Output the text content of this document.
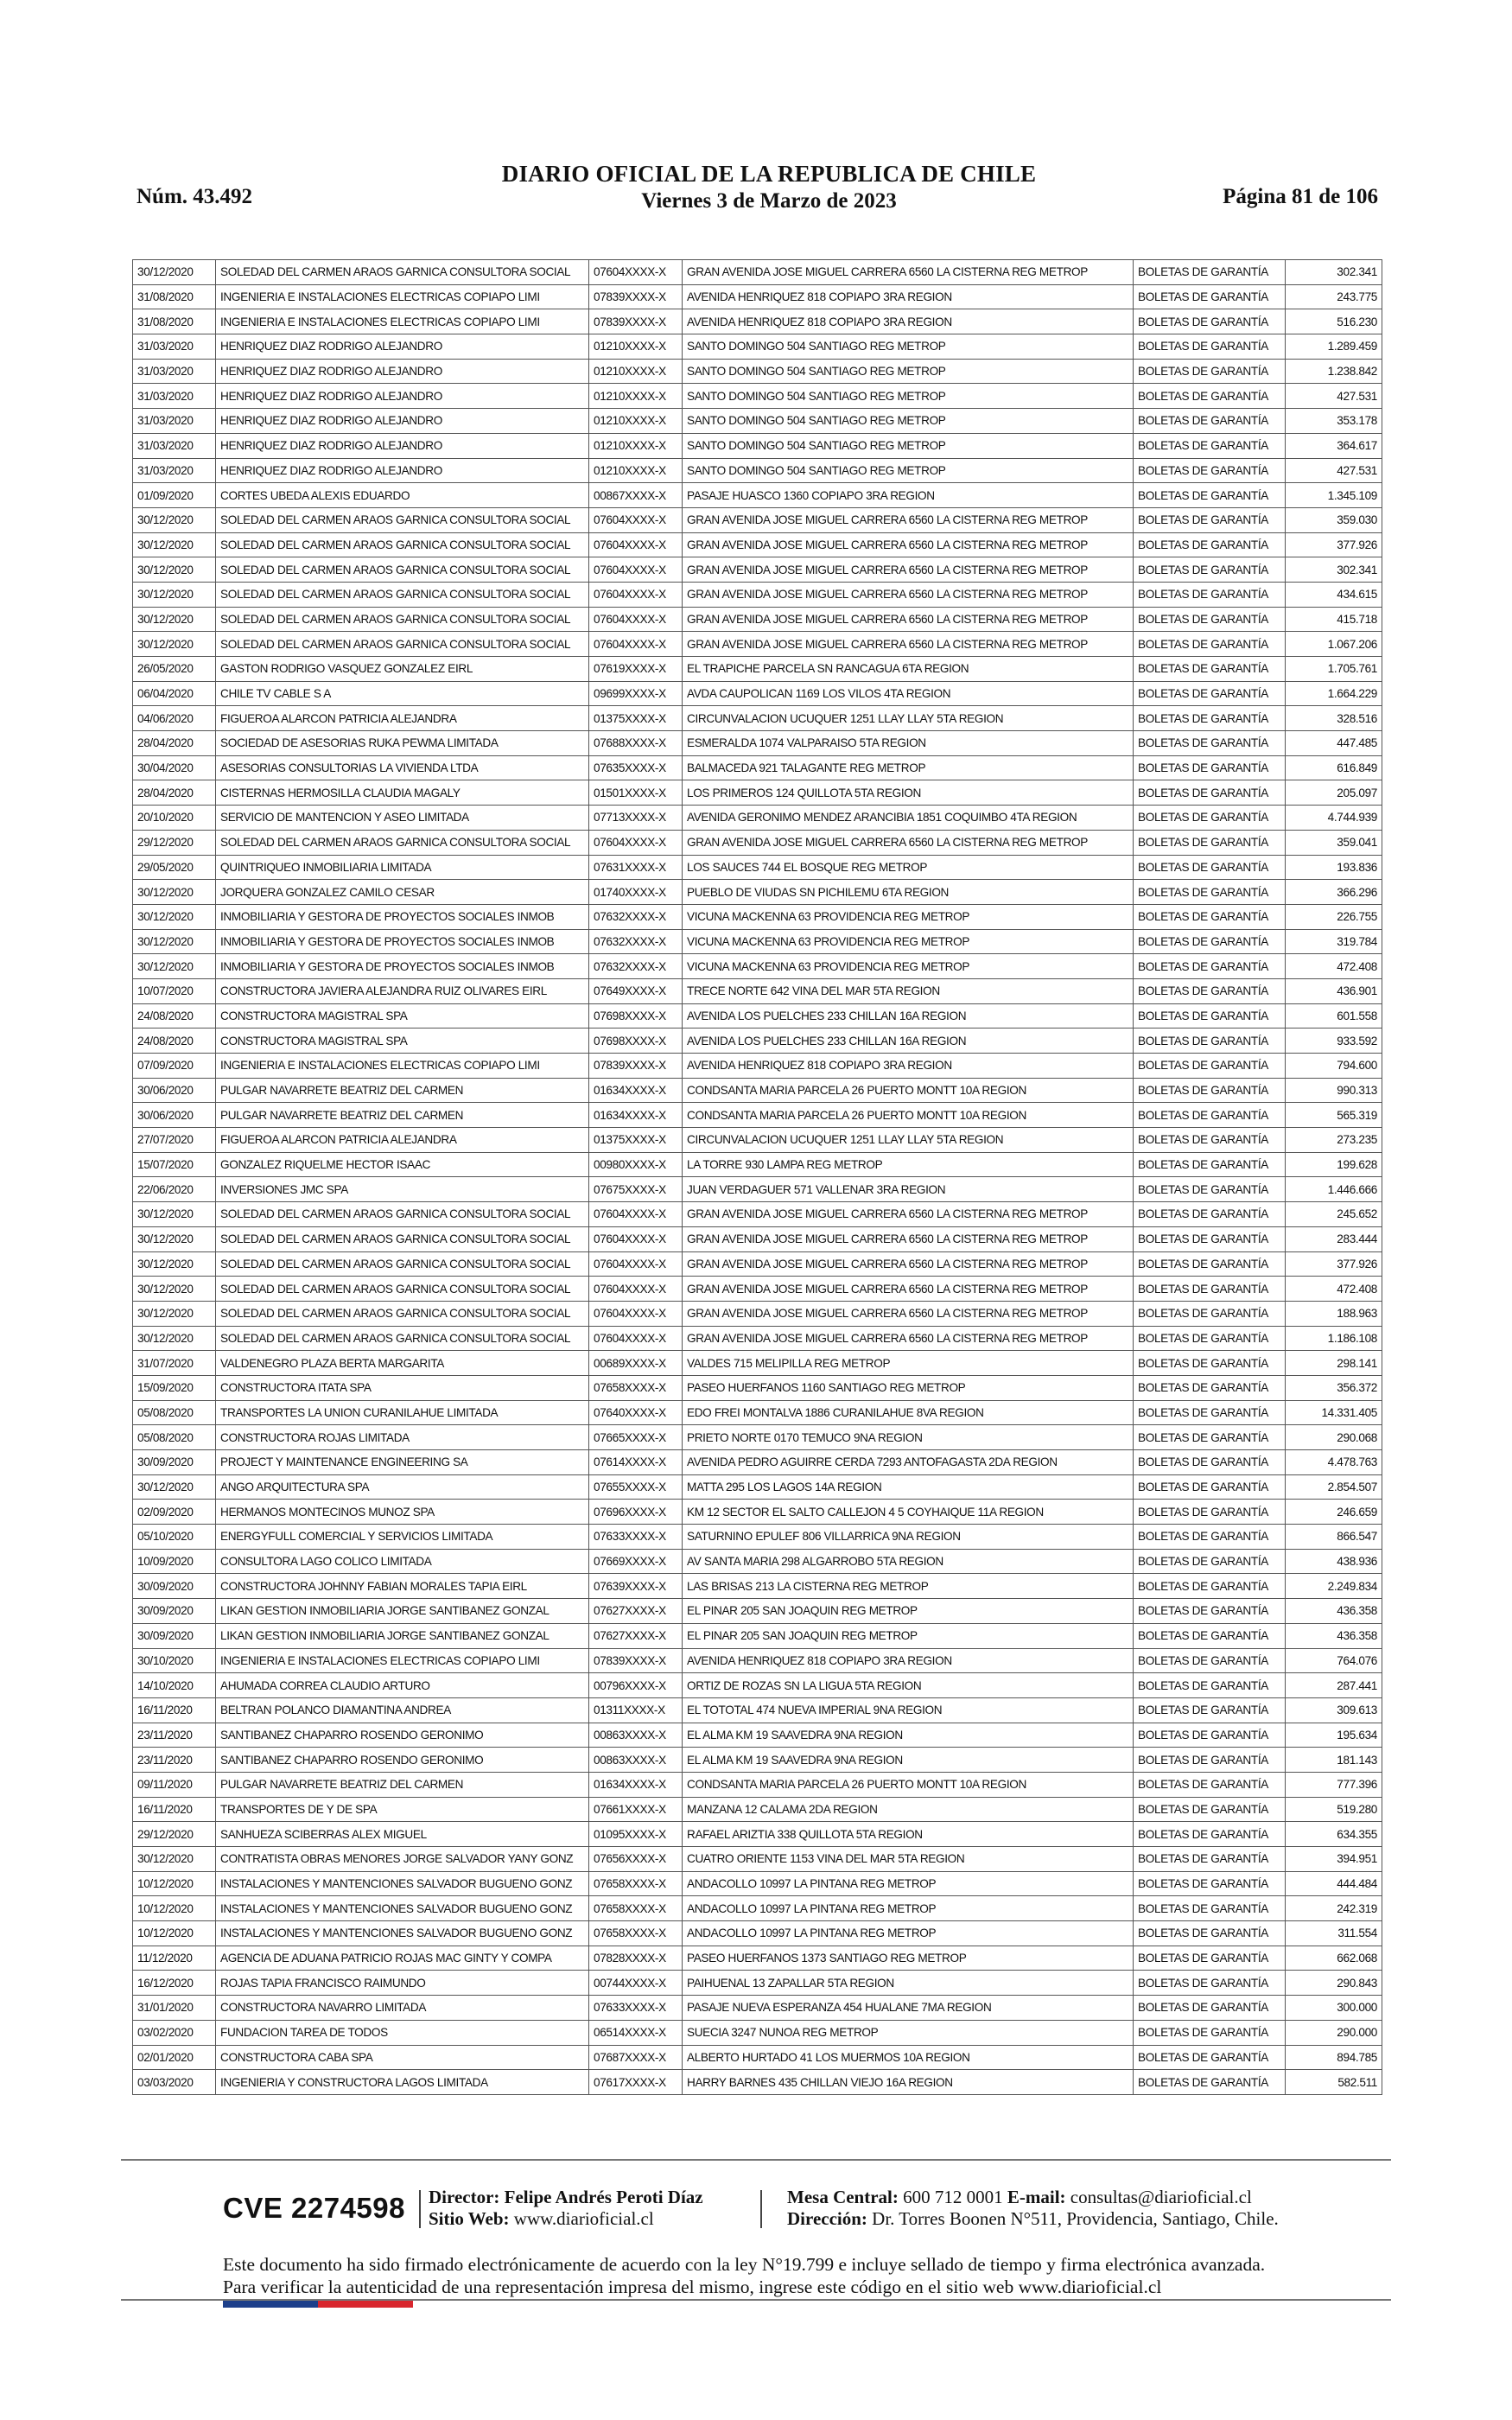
Núm. 43.492
DIARIO OFICIAL DE LA REPUBLICA DE CHILE
Viernes 3 de Marzo de 2023	Página 81 de 106
30/12/2020	SOLEDAD DEL CARMEN ARAOS GARNICA CONSULTORA SOCIAL	07604XXXX-X	GRAN AVENIDA JOSE MIGUEL CARRERA 6560 LA CISTERNA REG METROP	BOLETAS DE GARANTÍA	302.341
31/08/2020	INGENIERIA E INSTALACIONES ELECTRICAS COPIAPO LIMI	07839XXXX-X	AVENIDA HENRIQUEZ 818 COPIAPO 3RA REGION	BOLETAS DE GARANTÍA	243.775
31/08/2020	INGENIERIA E INSTALACIONES ELECTRICAS COPIAPO LIMI	07839XXXX-X	AVENIDA HENRIQUEZ 818 COPIAPO 3RA REGION	BOLETAS DE GARANTÍA	516.230
31/03/2020	HENRIQUEZ DIAZ RODRIGO ALEJANDRO	01210XXXX-X	SANTO DOMINGO 504 SANTIAGO REG METROP	BOLETAS DE GARANTÍA	1.289.459
31/03/2020	HENRIQUEZ DIAZ RODRIGO ALEJANDRO	01210XXXX-X	SANTO DOMINGO 504 SANTIAGO REG METROP	BOLETAS DE GARANTÍA	1.238.842
31/03/2020	HENRIQUEZ DIAZ RODRIGO ALEJANDRO	01210XXXX-X	SANTO DOMINGO 504 SANTIAGO REG METROP	BOLETAS DE GARANTÍA	427.531
31/03/2020	HENRIQUEZ DIAZ RODRIGO ALEJANDRO	01210XXXX-X	SANTO DOMINGO 504 SANTIAGO REG METROP	BOLETAS DE GARANTÍA	353.178
31/03/2020	HENRIQUEZ DIAZ RODRIGO ALEJANDRO	01210XXXX-X	SANTO DOMINGO 504 SANTIAGO REG METROP	BOLETAS DE GARANTÍA	364.617
31/03/2020	HENRIQUEZ DIAZ RODRIGO ALEJANDRO	01210XXXX-X	SANTO DOMINGO 504 SANTIAGO REG METROP	BOLETAS DE GARANTÍA	427.531
01/09/2020	CORTES UBEDA ALEXIS EDUARDO	00867XXXX-X	PASAJE HUASCO 1360 COPIAPO 3RA REGION	BOLETAS DE GARANTÍA	1.345.109
30/12/2020	SOLEDAD DEL CARMEN ARAOS GARNICA CONSULTORA SOCIAL	07604XXXX-X	GRAN AVENIDA JOSE MIGUEL CARRERA 6560 LA CISTERNA REG METROP	BOLETAS DE GARANTÍA	359.030
30/12/2020	SOLEDAD DEL CARMEN ARAOS GARNICA CONSULTORA SOCIAL	07604XXXX-X	GRAN AVENIDA JOSE MIGUEL CARRERA 6560 LA CISTERNA REG METROP	BOLETAS DE GARANTÍA	377.926
30/12/2020	SOLEDAD DEL CARMEN ARAOS GARNICA CONSULTORA SOCIAL	07604XXXX-X	GRAN AVENIDA JOSE MIGUEL CARRERA 6560 LA CISTERNA REG METROP	BOLETAS DE GARANTÍA	302.341
30/12/2020	SOLEDAD DEL CARMEN ARAOS GARNICA CONSULTORA SOCIAL	07604XXXX-X	GRAN AVENIDA JOSE MIGUEL CARRERA 6560 LA CISTERNA REG METROP	BOLETAS DE GARANTÍA	434.615
30/12/2020	SOLEDAD DEL CARMEN ARAOS GARNICA CONSULTORA SOCIAL	07604XXXX-X	GRAN AVENIDA JOSE MIGUEL CARRERA 6560 LA CISTERNA REG METROP	BOLETAS DE GARANTÍA	415.718
30/12/2020	SOLEDAD DEL CARMEN ARAOS GARNICA CONSULTORA SOCIAL	07604XXXX-X	GRAN AVENIDA JOSE MIGUEL CARRERA 6560 LA CISTERNA REG METROP	BOLETAS DE GARANTÍA	1.067.206
26/05/2020	GASTON RODRIGO VASQUEZ GONZALEZ EIRL	07619XXXX-X	EL TRAPICHE PARCELA SN RANCAGUA 6TA REGION	BOLETAS DE GARANTÍA	1.705.761
06/04/2020	CHILE TV CABLE S A	09699XXXX-X	AVDA CAUPOLICAN 1169 LOS VILOS 4TA REGION	BOLETAS DE GARANTÍA	1.664.229
04/06/2020	FIGUEROA ALARCON PATRICIA ALEJANDRA	01375XXXX-X	CIRCUNVALACION UCUQUER 1251 LLAY LLAY 5TA REGION	BOLETAS DE GARANTÍA	328.516
28/04/2020	SOCIEDAD DE ASESORIAS RUKA PEWMA LIMITADA	07688XXXX-X	ESMERALDA 1074 VALPARAISO 5TA REGION	BOLETAS DE GARANTÍA	447.485
30/04/2020	ASESORIAS CONSULTORIAS LA VIVIENDA LTDA	07635XXXX-X	BALMACEDA 921 TALAGANTE REG METROP	BOLETAS DE GARANTÍA	616.849
28/04/2020	CISTERNAS HERMOSILLA CLAUDIA MAGALY	01501XXXX-X	LOS PRIMEROS 124 QUILLOTA 5TA REGION	BOLETAS DE GARANTÍA	205.097
20/10/2020	SERVICIO DE MANTENCION Y ASEO LIMITADA	07713XXXX-X	AVENIDA GERONIMO MENDEZ ARANCIBIA 1851 COQUIMBO 4TA REGION	BOLETAS DE GARANTÍA	4.744.939
29/12/2020	SOLEDAD DEL CARMEN ARAOS GARNICA CONSULTORA SOCIAL	07604XXXX-X	GRAN AVENIDA JOSE MIGUEL CARRERA 6560 LA CISTERNA REG METROP	BOLETAS DE GARANTÍA	359.041
29/05/2020	QUINTRIQUEO INMOBILIARIA LIMITADA	07631XXXX-X	LOS SAUCES 744 EL BOSQUE REG METROP	BOLETAS DE GARANTÍA	193.836
30/12/2020	JORQUERA GONZALEZ CAMILO CESAR	01740XXXX-X	PUEBLO DE VIUDAS SN PICHILEMU 6TA REGION	BOLETAS DE GARANTÍA	366.296
30/12/2020	INMOBILIARIA Y GESTORA DE PROYECTOS SOCIALES INMOB	07632XXXX-X	VICUNA MACKENNA 63 PROVIDENCIA REG METROP	BOLETAS DE GARANTÍA	226.755
30/12/2020	INMOBILIARIA Y GESTORA DE PROYECTOS SOCIALES INMOB	07632XXXX-X	VICUNA MACKENNA 63 PROVIDENCIA REG METROP	BOLETAS DE GARANTÍA	319.784
30/12/2020	INMOBILIARIA Y GESTORA DE PROYECTOS SOCIALES INMOB	07632XXXX-X	VICUNA MACKENNA 63 PROVIDENCIA REG METROP	BOLETAS DE GARANTÍA	472.408
10/07/2020	CONSTRUCTORA JAVIERA ALEJANDRA RUIZ OLIVARES EIRL	07649XXXX-X	TRECE NORTE 642 VINA DEL MAR 5TA REGION	BOLETAS DE GARANTÍA	436.901
24/08/2020	CONSTRUCTORA MAGISTRAL SPA	07698XXXX-X	AVENIDA LOS PUELCHES 233 CHILLAN 16A REGION	BOLETAS DE GARANTÍA	601.558
24/08/2020	CONSTRUCTORA MAGISTRAL SPA	07698XXXX-X	AVENIDA LOS PUELCHES 233 CHILLAN 16A REGION	BOLETAS DE GARANTÍA	933.592
07/09/2020	INGENIERIA E INSTALACIONES ELECTRICAS COPIAPO LIMI	07839XXXX-X	AVENIDA HENRIQUEZ 818 COPIAPO 3RA REGION	BOLETAS DE GARANTÍA	794.600
30/06/2020	PULGAR NAVARRETE BEATRIZ DEL CARMEN	01634XXXX-X	CONDSANTA MARIA PARCELA 26 PUERTO MONTT 10A REGION	BOLETAS DE GARANTÍA	990.313
30/06/2020	PULGAR NAVARRETE BEATRIZ DEL CARMEN	01634XXXX-X	CONDSANTA MARIA PARCELA 26 PUERTO MONTT 10A REGION	BOLETAS DE GARANTÍA	565.319
27/07/2020	FIGUEROA ALARCON PATRICIA ALEJANDRA	01375XXXX-X	CIRCUNVALACION UCUQUER 1251 LLAY LLAY 5TA REGION	BOLETAS DE GARANTÍA	273.235
15/07/2020	GONZALEZ RIQUELME HECTOR ISAAC	00980XXXX-X	LA TORRE 930 LAMPA REG METROP	BOLETAS DE GARANTÍA	199.628
22/06/2020	INVERSIONES JMC SPA	07675XXXX-X	JUAN VERDAGUER 571 VALLENAR 3RA REGION	BOLETAS DE GARANTÍA	1.446.666
30/12/2020	SOLEDAD DEL CARMEN ARAOS GARNICA CONSULTORA SOCIAL	07604XXXX-X	GRAN AVENIDA JOSE MIGUEL CARRERA 6560 LA CISTERNA REG METROP	BOLETAS DE GARANTÍA	245.652
30/12/2020	SOLEDAD DEL CARMEN ARAOS GARNICA CONSULTORA SOCIAL	07604XXXX-X	GRAN AVENIDA JOSE MIGUEL CARRERA 6560 LA CISTERNA REG METROP	BOLETAS DE GARANTÍA	283.444
30/12/2020	SOLEDAD DEL CARMEN ARAOS GARNICA CONSULTORA SOCIAL	07604XXXX-X	GRAN AVENIDA JOSE MIGUEL CARRERA 6560 LA CISTERNA REG METROP	BOLETAS DE GARANTÍA	377.926
30/12/2020	SOLEDAD DEL CARMEN ARAOS GARNICA CONSULTORA SOCIAL	07604XXXX-X	GRAN AVENIDA JOSE MIGUEL CARRERA 6560 LA CISTERNA REG METROP	BOLETAS DE GARANTÍA	472.408
30/12/2020	SOLEDAD DEL CARMEN ARAOS GARNICA CONSULTORA SOCIAL	07604XXXX-X	GRAN AVENIDA JOSE MIGUEL CARRERA 6560 LA CISTERNA REG METROP	BOLETAS DE GARANTÍA	188.963
30/12/2020	SOLEDAD DEL CARMEN ARAOS GARNICA CONSULTORA SOCIAL	07604XXXX-X	GRAN AVENIDA JOSE MIGUEL CARRERA 6560 LA CISTERNA REG METROP	BOLETAS DE GARANTÍA	1.186.108
31/07/2020	VALDENEGRO PLAZA BERTA MARGARITA	00689XXXX-X	VALDES 715 MELIPILLA REG METROP	BOLETAS DE GARANTÍA	298.141
15/09/2020	CONSTRUCTORA ITATA SPA	07658XXXX-X	PASEO HUERFANOS 1160 SANTIAGO REG METROP	BOLETAS DE GARANTÍA	356.372
05/08/2020	TRANSPORTES LA UNION CURANILAHUE LIMITADA	07640XXXX-X	EDO FREI MONTALVA 1886 CURANILAHUE 8VA REGION	BOLETAS DE GARANTÍA	14.331.405
05/08/2020	CONSTRUCTORA ROJAS LIMITADA	07665XXXX-X	PRIETO NORTE 0170 TEMUCO 9NA REGION	BOLETAS DE GARANTÍA	290.068
30/09/2020	PROJECT Y MAINTENANCE ENGINEERING SA	07614XXXX-X	AVENIDA PEDRO AGUIRRE CERDA 7293 ANTOFAGASTA 2DA REGION	BOLETAS DE GARANTÍA	4.478.763
30/12/2020	ANGO ARQUITECTURA SPA	07655XXXX-X	MATTA 295 LOS LAGOS 14A REGION	BOLETAS DE GARANTÍA	2.854.507
02/09/2020	HERMANOS MONTECINOS MUNOZ SPA	07696XXXX-X	KM 12 SECTOR EL SALTO CALLEJON 4 5 COYHAIQUE 11A REGION	BOLETAS DE GARANTÍA	246.659
05/10/2020	ENERGYFULL COMERCIAL Y SERVICIOS LIMITADA	07633XXXX-X	SATURNINO EPULEF 806 VILLARRICA 9NA REGION	BOLETAS DE GARANTÍA	866.547
10/09/2020	CONSULTORA LAGO COLICO LIMITADA	07669XXXX-X	AV SANTA MARIA 298 ALGARROBO 5TA REGION	BOLETAS DE GARANTÍA	438.936
30/09/2020	CONSTRUCTORA JOHNNY FABIAN MORALES TAPIA EIRL	07639XXXX-X	LAS BRISAS 213 LA CISTERNA REG METROP	BOLETAS DE GARANTÍA	2.249.834
30/09/2020	LIKAN GESTION INMOBILIARIA JORGE SANTIBANEZ GONZAL	07627XXXX-X	EL PINAR 205 SAN JOAQUIN REG METROP	BOLETAS DE GARANTÍA	436.358
30/09/2020	LIKAN GESTION INMOBILIARIA JORGE SANTIBANEZ GONZAL	07627XXXX-X	EL PINAR 205 SAN JOAQUIN REG METROP	BOLETAS DE GARANTÍA	436.358
30/10/2020	INGENIERIA E INSTALACIONES ELECTRICAS COPIAPO LIMI	07839XXXX-X	AVENIDA HENRIQUEZ 818 COPIAPO 3RA REGION	BOLETAS DE GARANTÍA	764.076
14/10/2020	AHUMADA CORREA CLAUDIO ARTURO	00796XXXX-X	ORTIZ DE ROZAS SN LA LIGUA 5TA REGION	BOLETAS DE GARANTÍA	287.441
16/11/2020	BELTRAN POLANCO DIAMANTINA ANDREA	01311XXXX-X	EL TOTOTAL 474 NUEVA IMPERIAL 9NA REGION	BOLETAS DE GARANTÍA	309.613
23/11/2020	SANTIBANEZ CHAPARRO ROSENDO GERONIMO	00863XXXX-X	EL ALMA KM 19 SAAVEDRA 9NA REGION	BOLETAS DE GARANTÍA	195.634
23/11/2020	SANTIBANEZ CHAPARRO ROSENDO GERONIMO	00863XXXX-X	EL ALMA KM 19 SAAVEDRA 9NA REGION	BOLETAS DE GARANTÍA	181.143
09/11/2020	PULGAR NAVARRETE BEATRIZ DEL CARMEN	01634XXXX-X	CONDSANTA MARIA PARCELA 26 PUERTO MONTT 10A REGION	BOLETAS DE GARANTÍA	777.396
16/11/2020	TRANSPORTES DE Y DE SPA	07661XXXX-X	MANZANA 12 CALAMA 2DA REGION	BOLETAS DE GARANTÍA	519.280
29/12/2020	SANHUEZA SCIBERRAS ALEX MIGUEL	01095XXXX-X	RAFAEL ARIZTIA 338 QUILLOTA 5TA REGION	BOLETAS DE GARANTÍA	634.355
30/12/2020	CONTRATISTA OBRAS MENORES JORGE SALVADOR YANY GONZ	07656XXXX-X	CUATRO ORIENTE 1153 VINA DEL MAR 5TA REGION	BOLETAS DE GARANTÍA	394.951
10/12/2020	INSTALACIONES Y MANTENCIONES SALVADOR BUGUENO GONZ	07658XXXX-X	ANDACOLLO 10997 LA PINTANA REG METROP	BOLETAS DE GARANTÍA	444.484
10/12/2020	INSTALACIONES Y MANTENCIONES SALVADOR BUGUENO GONZ	07658XXXX-X	ANDACOLLO 10997 LA PINTANA REG METROP	BOLETAS DE GARANTÍA	242.319
10/12/2020	INSTALACIONES Y MANTENCIONES SALVADOR BUGUENO GONZ	07658XXXX-X	ANDACOLLO 10997 LA PINTANA REG METROP	BOLETAS DE GARANTÍA	311.554
11/12/2020	AGENCIA DE ADUANA PATRICIO ROJAS MAC GINTY Y COMPA	07828XXXX-X	PASEO HUERFANOS 1373 SANTIAGO REG METROP	BOLETAS DE GARANTÍA	662.068
16/12/2020	ROJAS TAPIA FRANCISCO RAIMUNDO	00744XXXX-X	PAIHUENAL 13 ZAPALLAR 5TA REGION	BOLETAS DE GARANTÍA	290.843
31/01/2020	CONSTRUCTORA NAVARRO LIMITADA	07633XXXX-X	PASAJE NUEVA ESPERANZA 454 HUALANE 7MA REGION	BOLETAS DE GARANTÍA	300.000
03/02/2020	FUNDACION TAREA DE TODOS	06514XXXX-X	SUECIA 3247 NUNOA REG METROP	BOLETAS DE GARANTÍA	290.000
02/01/2020	CONSTRUCTORA CABA SPA	07687XXXX-X	ALBERTO HURTADO 41 LOS MUERMOS 10A REGION	BOLETAS DE GARANTÍA	894.785
03/03/2020	INGENIERIA Y CONSTRUCTORA LAGOS LIMITADA	07617XXXX-X	HARRY BARNES 435 CHILLAN VIEJO 16A REGION	BOLETAS DE GARANTÍA	582.511
CVE 2274598 Director: Felipe Andrés Peroti Díaz
Sitio Web: www.diarioficial.cl
Mesa Central: 600 712 0001 E-mail: consultas@diarioficial.cl
Dirección: Dr. Torres Boonen N°511, Providencia, Santiago, Chile.
Este documento ha sido firmado electrónicamente de acuerdo con la ley N°19.799 e incluye sellado de tiempo y firma electrónica avanzada. Para verificar la autenticidad de una representación impresa del mismo, ingrese este código en el sitio web www.diarioficial.cl
